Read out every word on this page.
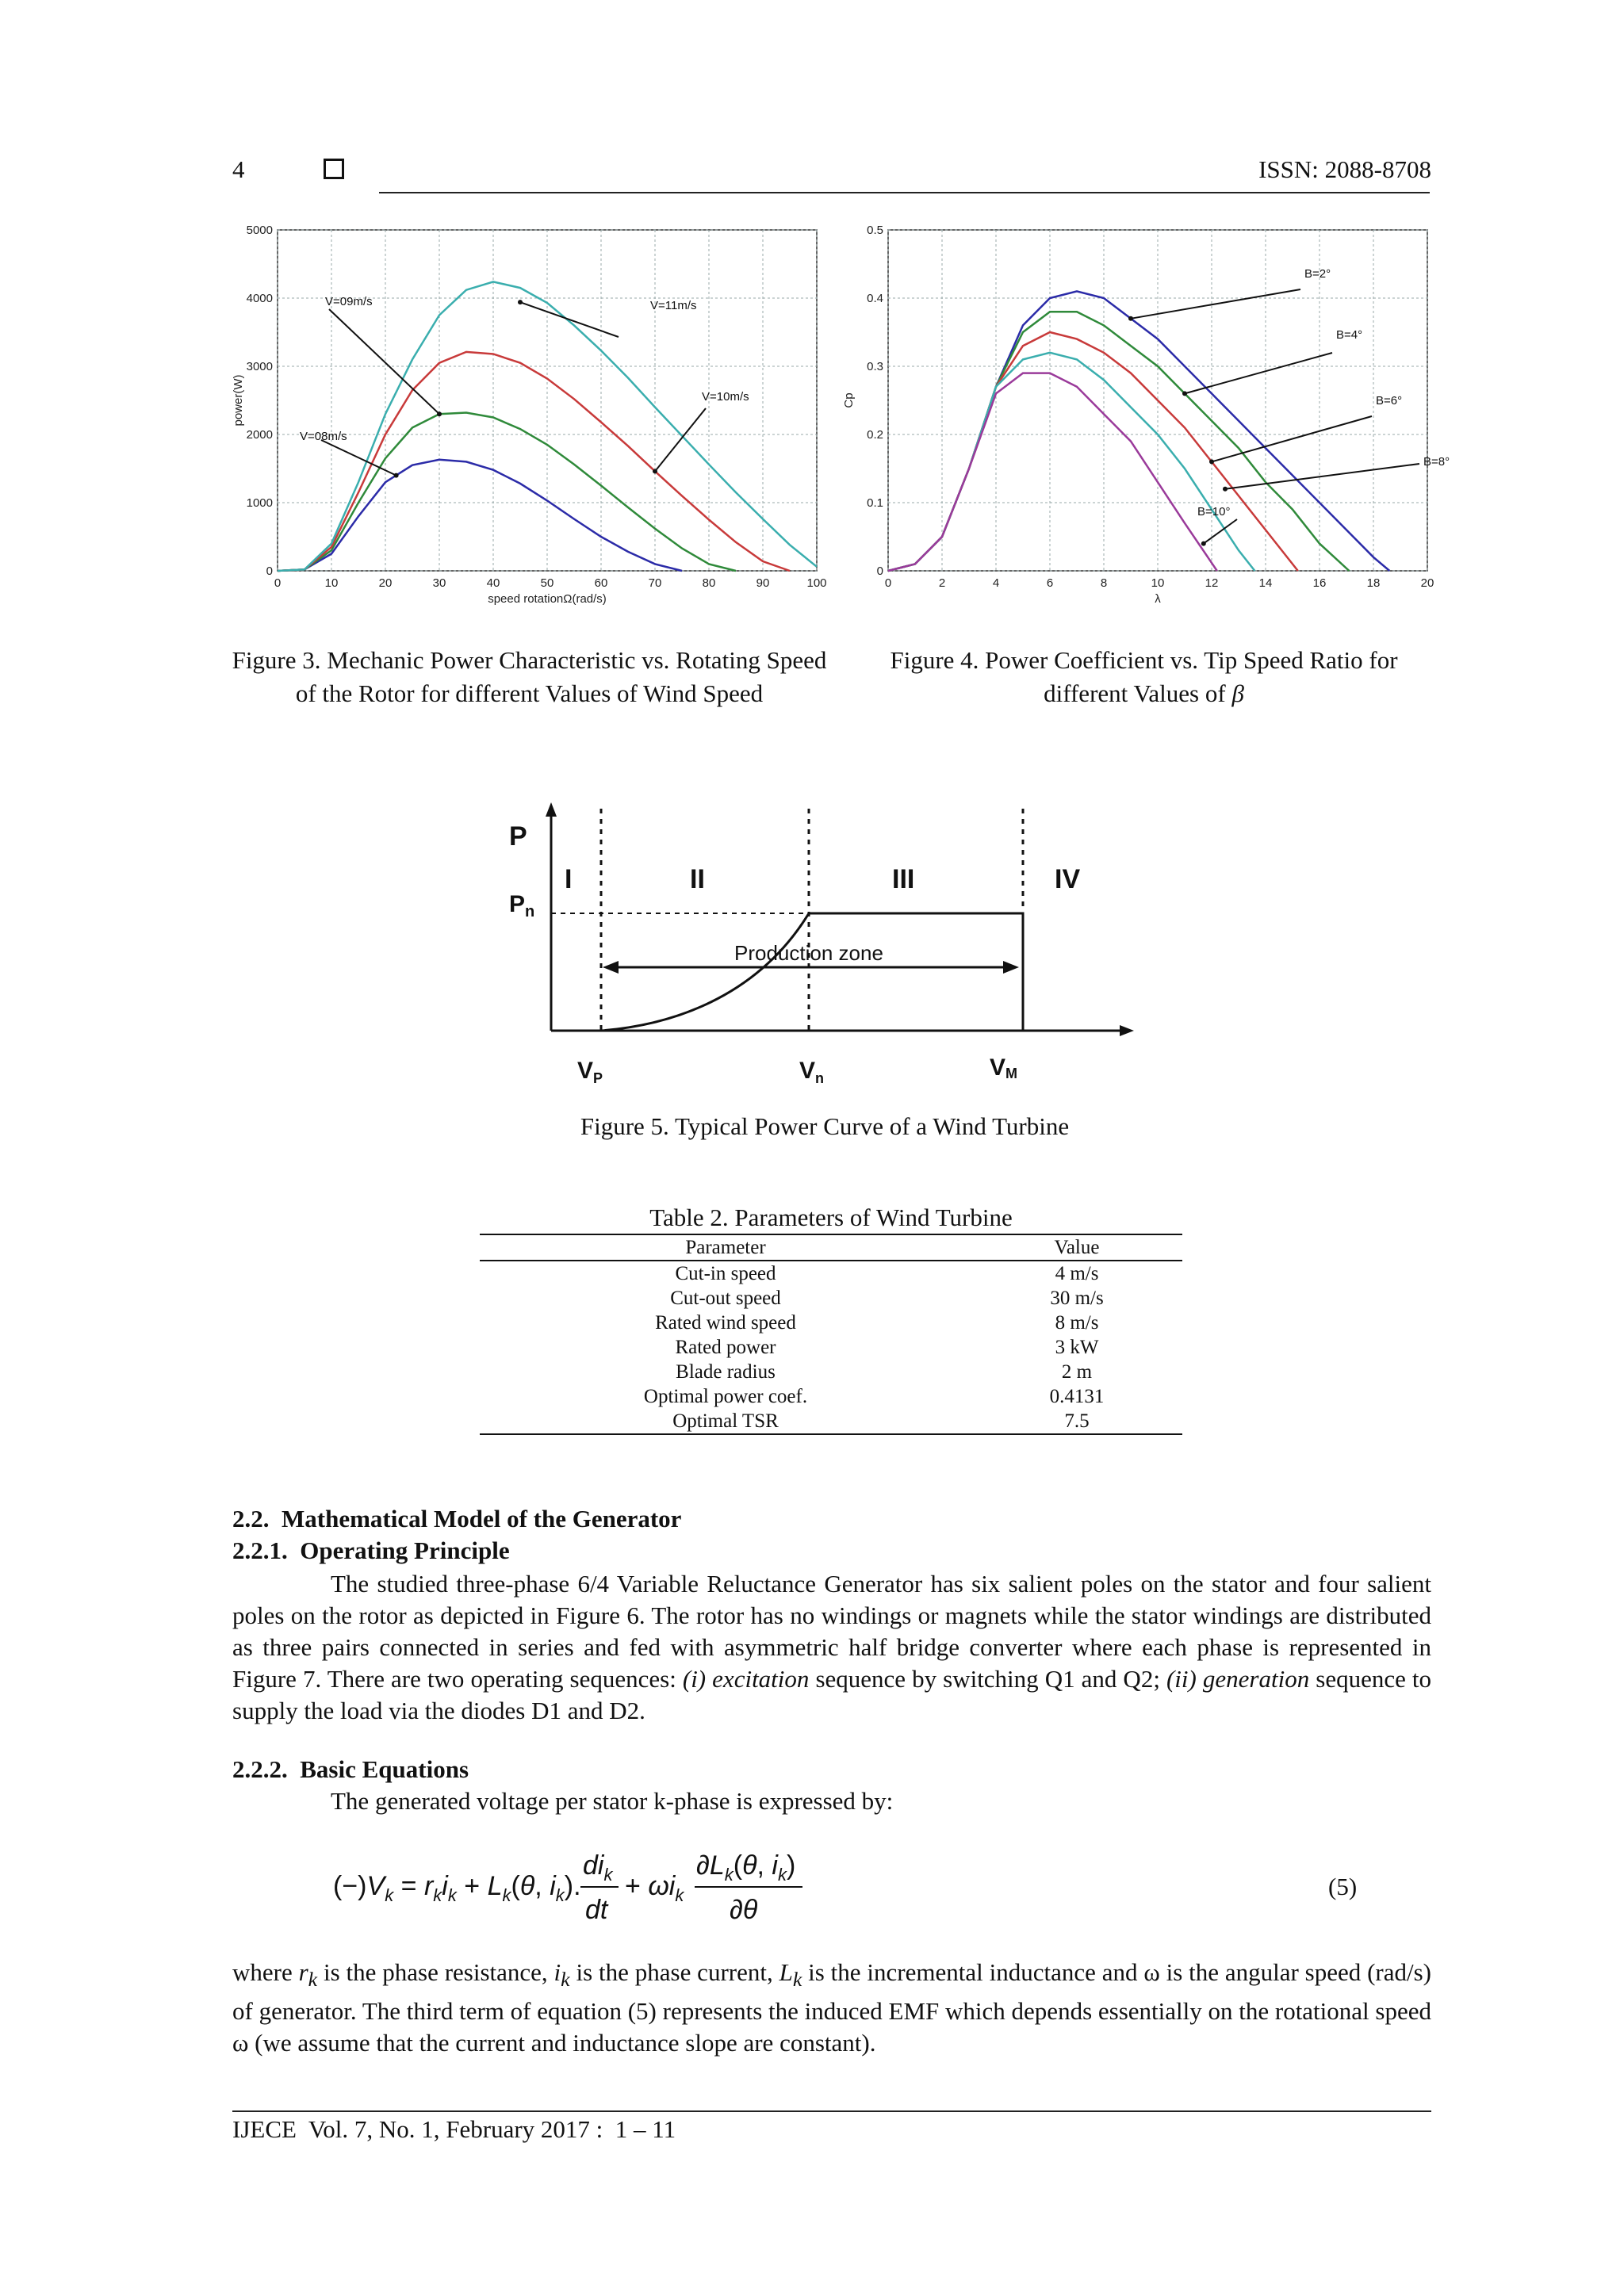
4	ISSN: 2088-8708
0	10	20	30	40	50	60	70	80	90	100
0
1000
2000
3000
4000
5000
speed rotationΩ(rad/s)
power(W)
V=11m/s
V=10m/s
V=09m/s
V=08m/s
Figure 3. Mechanic Power Characteristic vs. Rotating Speed of the Rotor for different Values of Wind Speed
0	2	4	6	8	10	12	14	16	18	20
0
0.1
0.2
0.3
0.4
0.5
λ
Cp
B=2°
B=4°
B=6°
B=8°
B=10°
Figure 4. Power Coefficient vs. Tip Speed Ratio for different Values of β
Production zone
P
$P_n$
I	II	III	IV
$V_P$	$V_n$	VM
Figure 5. Typical Power Curve of a Wind Turbine
Table 2. Parameters of Wind Turbine
Parameter	Value
Cut-in speed	4 m/s
Cut-out speed	30 m/s
Rated wind speed	8 m/s
Rated power	3 kW
Blade radius	2 m
Optimal power coef.	0.4131
Optimal TSR	7.5
2.2. Mathematical Model of the Generator
2.2.1. Operating Principle

The studied three-phase 6/4 Variable Reluctance Generator has six salient poles on the stator and four salient poles on the rotor as depicted in Figure 6. The rotor has no windings or magnets while the stator windings are distributed as three pairs connected in series and fed with asymmetric half bridge converter where each phase is represented in Figure 7. There are two operating sequences: (i) excitation sequence by switching Q1 and Q2; (ii) generation sequence to supply the load via the diodes D1 and D2.

2.2.2. Basic Equations

The generated voltage per stator k-phase is expressed by:

$(-)V_k = r_ki_k + L_k(\theta$, $i_k$).
$di_k$
dt
+ $\omega i_k$
$\partial L_k(\theta$, $i_k$)
∂θ
(5)

where $r_k$ is the phase resistance, $i_k$ is the phase current, $L_k$ is the incremental inductance and ω is the angular speed (rad/s) of generator. The third term of equation (5) represents the induced EMF which depends essentially on the rotational speed ω (we assume that the current and inductance slope are constant).

IJECE  Vol. 7, No. 1, February 2017 :  1 – 11
